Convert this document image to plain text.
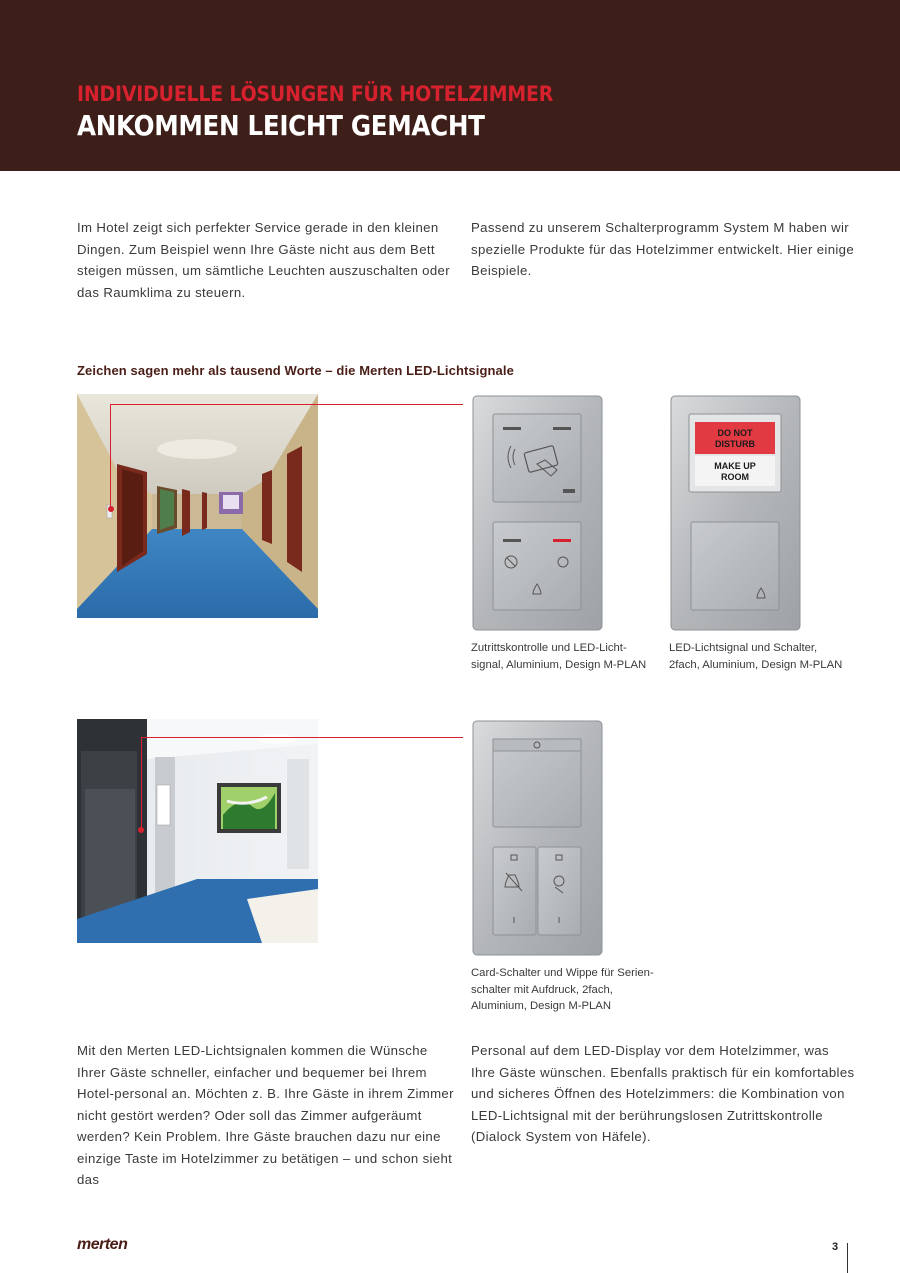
INDIVIDUELLE LÖSUNGEN FÜR HOTELZIMMER
ANKOMMEN LEICHT GEMACHT
Im Hotel zeigt sich perfekter Service gerade in den kleinen Dingen. Zum Beispiel wenn Ihre Gäste nicht aus dem Bett steigen müssen, um sämtliche Leuchten auszuschalten oder das Raumklima zu steuern.
Passend zu unserem Schalterprogramm System M haben wir spezielle Produkte für das Hotelzimmer entwickelt. Hier einige Beispiele.
Zeichen sagen mehr als tausend Worte – die Merten LED-Lichtsignale
Zutrittskontrolle und LED-Licht-
signal, Aluminium, Design M-PLAN
DO NOT
DISTURB
MAKE UP
ROOM
LED-Lichtsignal und Schalter,
2fach, Aluminium, Design M-PLAN
Card-Schalter und Wippe für Serien-
schalter mit Aufdruck, 2fach,
Aluminium, Design M-PLAN
Mit den Merten LED-Lichtsignalen kommen die Wünsche Ihrer Gäste schneller, einfacher und bequemer bei Ihrem Hotel-personal an. Möchten z. B. Ihre Gäste in ihrem Zimmer nicht gestört werden? Oder soll das Zimmer aufgeräumt werden? Kein Problem. Ihre Gäste brauchen dazu nur eine einzige Taste im Hotelzimmer zu betätigen – und schon sieht das
Personal auf dem LED-Display vor dem Hotelzimmer, was Ihre Gäste wünschen. Ebenfalls praktisch für ein komfortables und sicheres Öffnen des Hotelzimmers: die Kombination von LED-Lichtsignal mit der berührungslosen Zutrittskontrolle (Dialock System von Häfele).
merten	3
